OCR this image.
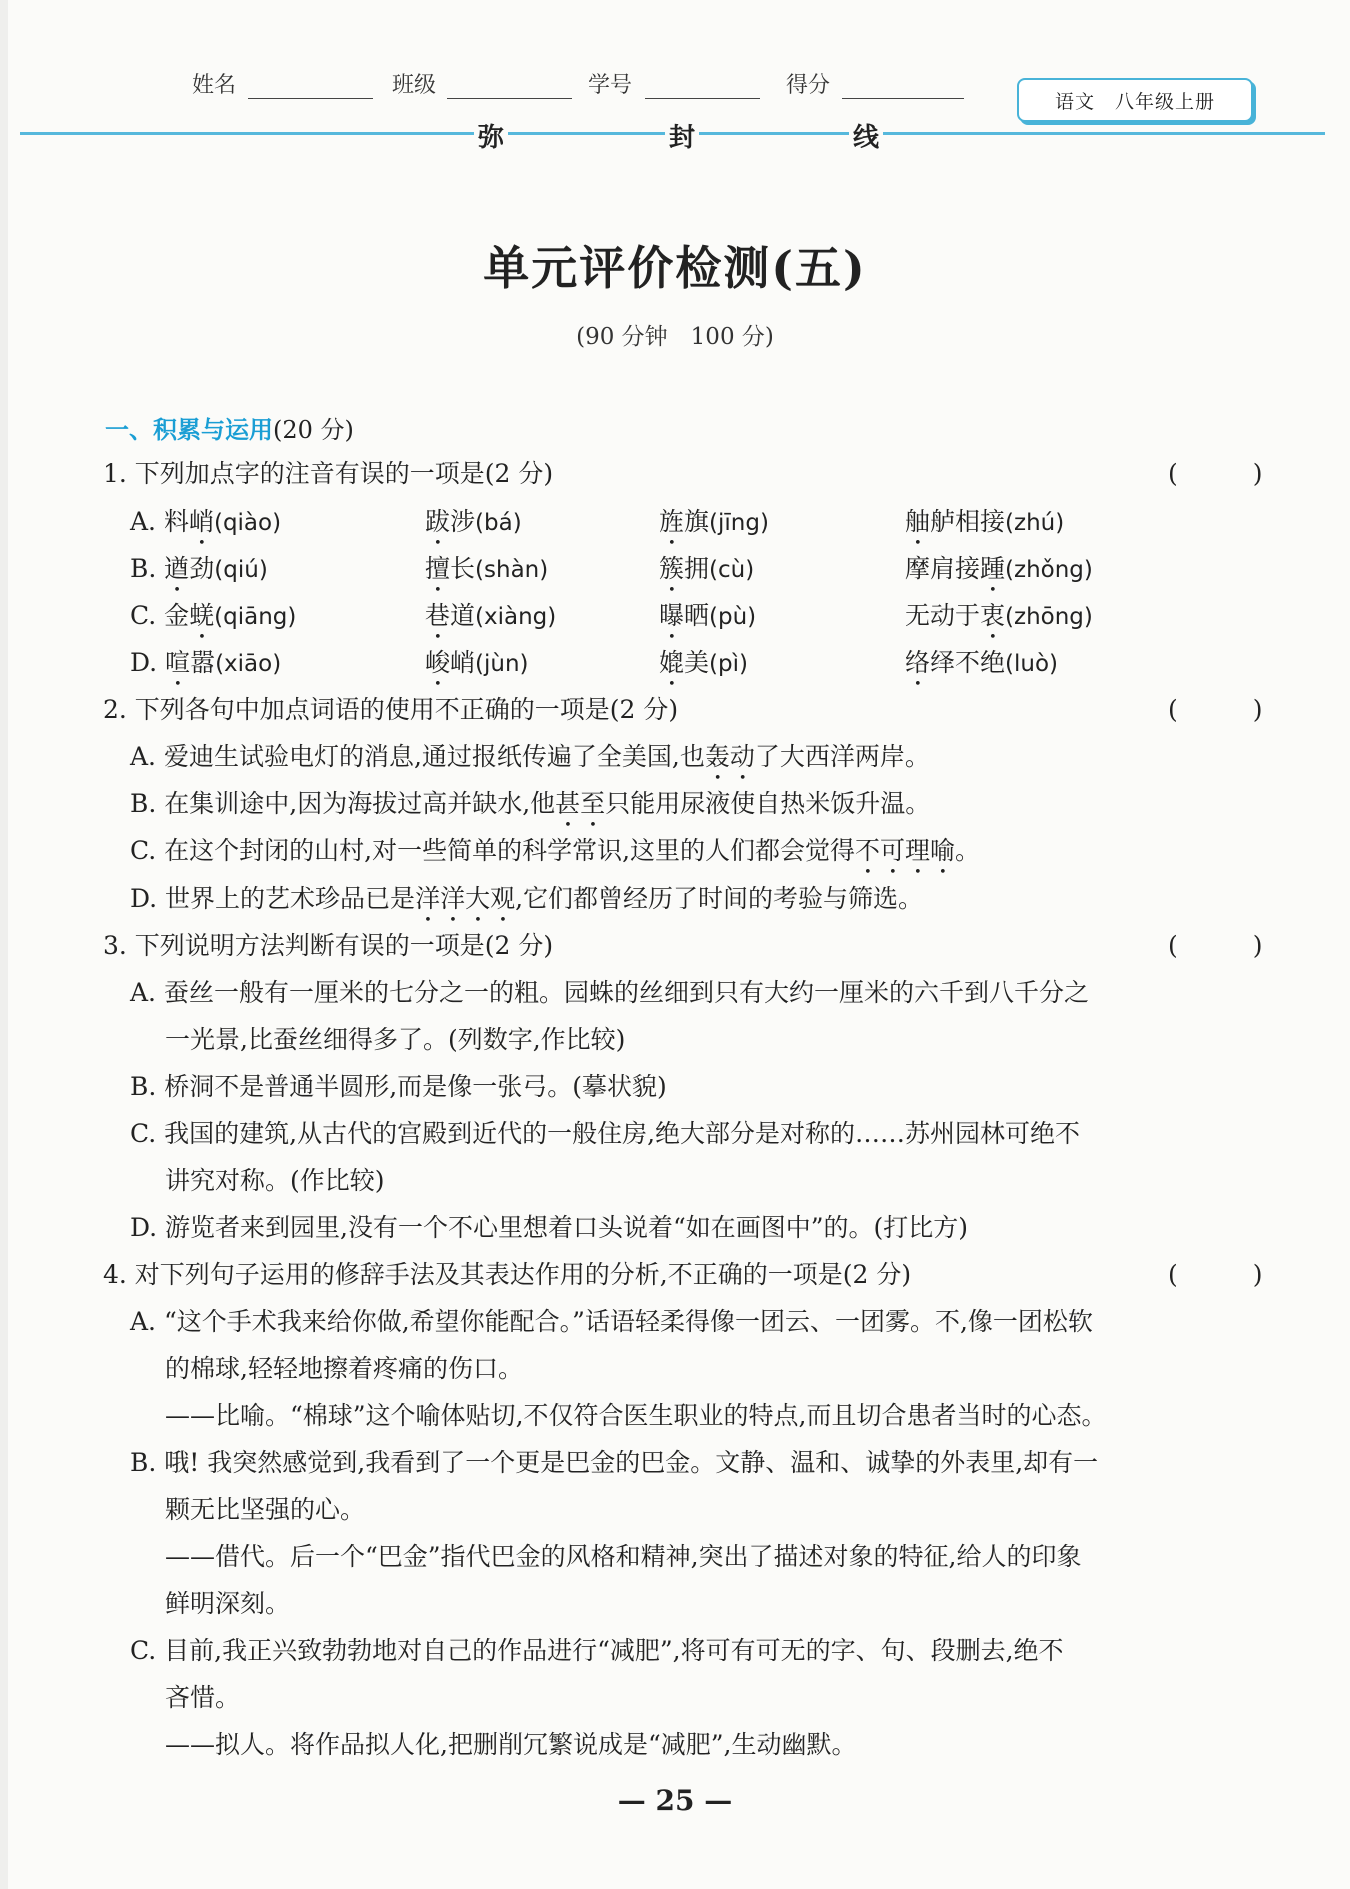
姓名	班级	学号	得分
语文　八年级上册
弥	封	线
单元评价检测(五)
(90 分钟　100 分)
一、积累与运用(20 分)
1. 下列加点字的注音有误的一项是(2 分)	(　　　)
A. 料峭(qiào)	跋涉(bá)	旌旗(jīng)	舳舻相接(zhú)
B. 遒劲(qiú)	擅长(shàn)	簇拥(cù)	摩肩接踵(zhǒng)
C. 金蜣(qiāng)	巷道(xiàng)	曝晒(pù)	无动于衷(zhōng)
D. 喧嚣(xiāo)	峻峭(jùn)	媲美(pì)	络绎不绝(luò)
2. 下列各句中加点词语的使用不正确的一项是(2 分)	(　　　)
A. 爱迪生试验电灯的消息,通过报纸传遍了全美国,也轰动了大西洋两岸。
B. 在集训途中,因为海拔过高并缺水,他甚至只能用尿液使自热米饭升温。
C. 在这个封闭的山村,对一些简单的科学常识,这里的人们都会觉得不可理喻。
D. 世界上的艺术珍品已是洋洋大观,它们都曾经历了时间的考验与筛选。
3. 下列说明方法判断有误的一项是(2 分)	(　　　)
A. 蚕丝一般有一厘米的七分之一的粗。园蛛的丝细到只有大约一厘米的六千到八千分之
一光景,比蚕丝细得多了。(列数字,作比较)
B. 桥洞不是普通半圆形,而是像一张弓。(摹状貌)
C. 我国的建筑,从古代的宫殿到近代的一般住房,绝大部分是对称的……苏州园林可绝不
讲究对称。(作比较)
D. 游览者来到园里,没有一个不心里想着口头说着“如在画图中”的。(打比方)
4. 对下列句子运用的修辞手法及其表达作用的分析,不正确的一项是(2 分)	(　　　)
A. “这个手术我来给你做,希望你能配合。”话语轻柔得像一团云、一团雾。不,像一团松软
的棉球,轻轻地擦着疼痛的伤口。
——比喻。“棉球”这个喻体贴切,不仅符合医生职业的特点,而且切合患者当时的心态。
B. 哦! 我突然感觉到,我看到了一个更是巴金的巴金。文静、温和、诚挚的外表里,却有一
颗无比坚强的心。
——借代。后一个“巴金”指代巴金的风格和精神,突出了描述对象的特征,给人的印象
鲜明深刻。
C. 目前,我正兴致勃勃地对自己的作品进行“减肥”,将可有可无的字、句、段删去,绝不
吝惜。
——拟人。将作品拟人化,把删削冗繁说成是“减肥”,生动幽默。
— 25 —
